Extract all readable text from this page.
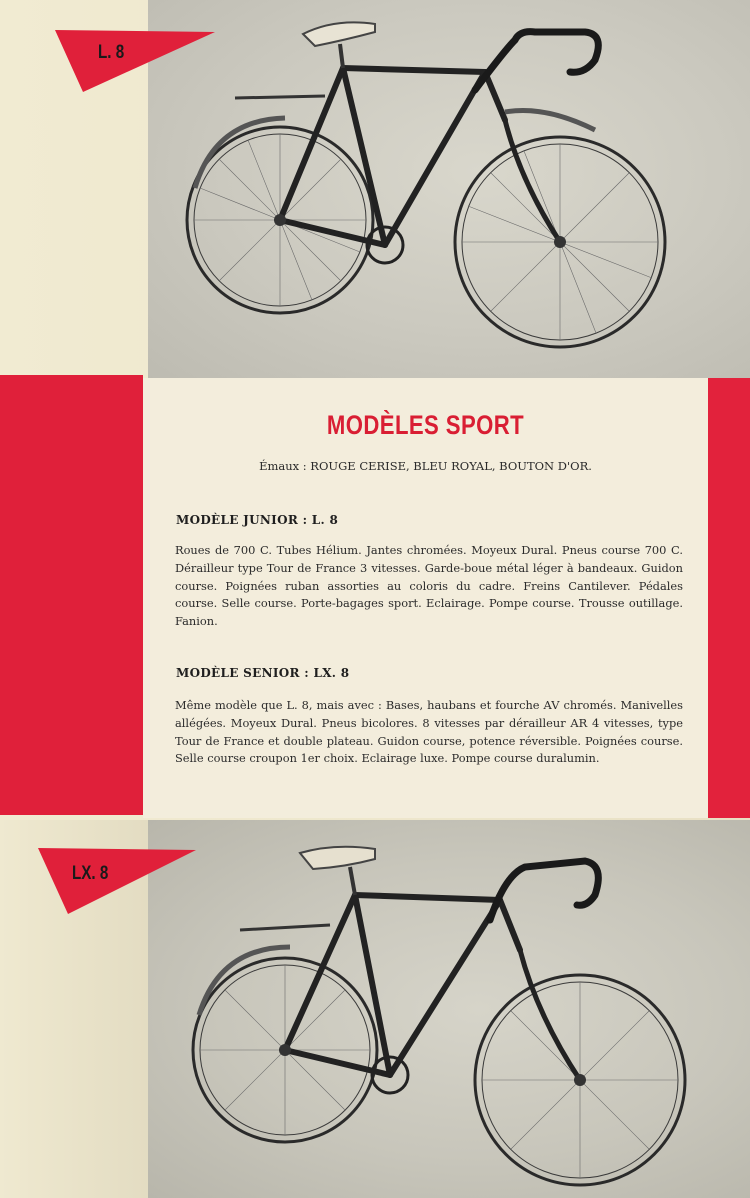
L. 8
LX. 8
MODÈLES SPORT
Émaux : ROUGE CERISE, BLEU ROYAL, BOUTON D'OR.
MODÈLE JUNIOR : L. 8
Roues de 700 C. Tubes Hélium. Jantes chromées. Moyeux Dural. Pneus course 700 C. Dérailleur type Tour de France 3 vitesses. Garde-boue métal léger à bandeaux. Guidon course. Poignées ruban assorties au coloris du cadre. Freins Cantilever. Pédales course. Selle course. Porte-bagages sport. Eclairage. Pompe course. Trousse outillage. Fanion.
MODÈLE SENIOR : LX. 8
Même modèle que L. 8, mais avec : Bases, haubans et fourche AV chromés. Manivelles allégées. Moyeux Dural. Pneus bicolores. 8 vitesses par dérailleur AR 4 vitesses, type Tour de France et double plateau. Guidon course, potence réversible. Poignées course. Selle course croupon 1er choix. Eclairage luxe. Pompe course duralumin.
